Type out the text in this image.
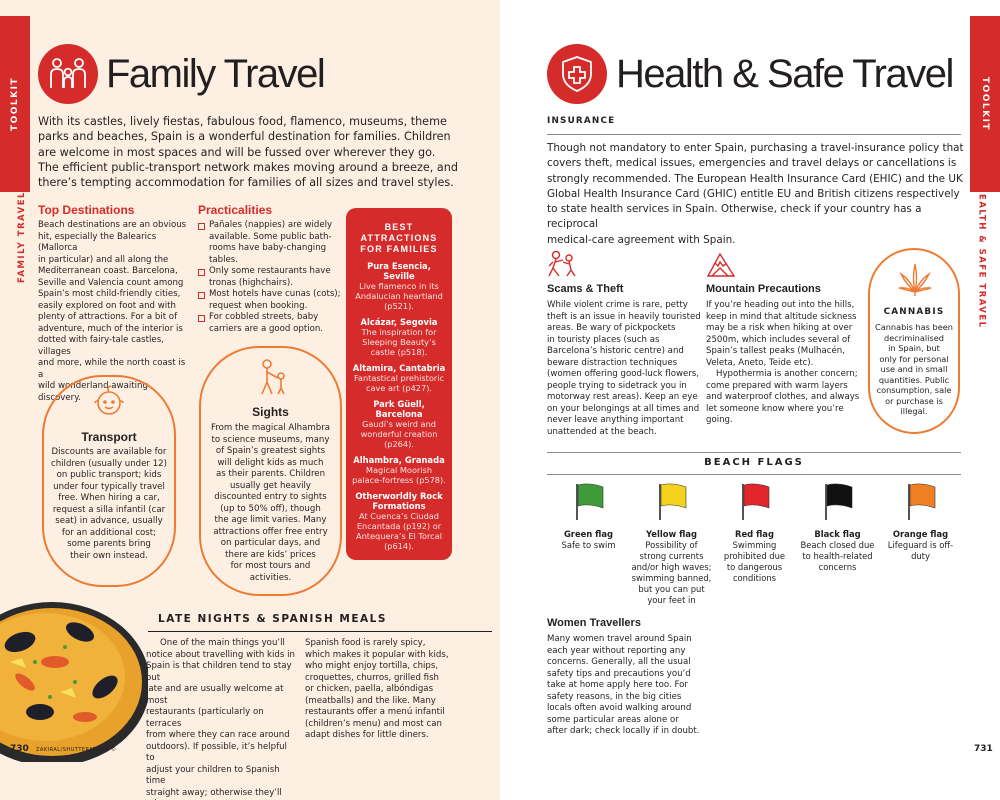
TOOLKIT
FAMILY TRAVEL
Family Travel
With its castles, lively fiestas, fabulous food, flamenco, museums, theme
parks and beaches, Spain is a wonderful destination for families. Children
are welcome in most spaces and will be fussed over wherever they go.
The efficient public-transport network makes moving around a breeze, and
there’s tempting accommodation for families of all sizes and travel styles.
Top Destinations
Beach destinations are an obvious
hit, especially the Balearics (Mallorca
in particular) and all along the
Mediterranean coast. Barcelona,
Seville and Valencia count among
Spain’s most child-friendly cities,
easily explored on foot and with
plenty of attractions. For a bit of
adventure, much of the interior is
dotted with fairy-tale castles, villages
and more, while the north coast is a
wild wonderland awaiting discovery.
Practicalities
Pañales (nappies) are widely
available. Some public bath-
rooms have baby-changing
tables.
Only some restaurants have
tronas (highchairs).
Most hotels have cunas (cots);
request when booking.
For cobbled streets, baby
carriers are a good option.
Transport
Discounts are available for
children (usually under 12)
on public transport; kids
under four typically travel
free. When hiring a car,
request a silla infantil (car
seat) in advance, usually
for an additional cost;
some parents bring
their own instead.
Sights
From the magical Alhambra
to science museums, many
of Spain’s greatest sights
will delight kids as much
as their parents. Children
usually get heavily
discounted entry to sights
(up to 50% off), though
the age limit varies. Many
attractions offer free entry
on particular days, and
there are kids’ prices
for most tours and
activities.
BEST
ATTRACTIONS
FOR FAMILIES
Pura Esencia, Seville
Live flamenco in its
Andalucian heartland
(p521).
Alcázar, Segovia
The inspiration for
Sleeping Beauty’s
castle (p518).
Altamira, Cantabria
Fantastical prehistoric
cave art (p427).
Park Güell,
Barcelona
Gaudí’s weird and
wonderful creation
(p264).
Alhambra, Granada
Magical Moorish
palace-fortress (p578).
Otherworldly Rock
Formations
At Cuenca’s Ciudad
Encantada (p192) or
Antequera’s El Torcal
(p614).
LATE NIGHTS & SPANISH MEALS
One of the main things you’ll
notice about travelling with kids in
Spain is that children tend to stay out
late and are usually welcome at most
restaurants (particularly on terraces
from where they can race around
outdoors). If possible, it’s helpful to
adjust your children to Spanish time
straight away; otherwise they’ll
Spanish food is rarely spicy,
which makes it popular with kids,
who might enjoy tortilla, chips,
croquettes, churros, grilled fish
or chicken, paella, albóndigas
(meatballs) and the like. Many
restaurants offer a menú infantil
(children’s menu) and most can
adapt dishes for little diners.
730 ZAKIRAL/SHUTTERSTOCK ©
TOOLKIT
HEALTH & SAFE TRAVEL
Health & Safe Travel
INSURANCE
Though not mandatory to enter Spain, purchasing a travel-insurance policy that
covers theft, medical issues, emergencies and travel delays or cancellations is
strongly recommended. The European Health Insurance Card (EHIC) and the UK
Global Health Insurance Card (GHIC) entitle EU and British citizens respectively
to state health services in Spain. Otherwise, check if your country has a reciprocal
medical-care agreement with Spain.
Scams & Theft
While violent crime is rare, petty
theft is an issue in heavily touristed
areas. Be wary of pickpockets
in touristy places (such as
Barcelona’s historic centre) and
beware distraction techniques
(women offering good-luck flowers,
people trying to sidetrack you in
motorway rest areas). Keep an eye
on your belongings at all times and
never leave anything important
unattended at the beach.
Mountain Precautions
If you’re heading out into the hills,
keep in mind that altitude sickness
may be a risk when hiking at over
2500m, which includes several of
Spain’s tallest peaks (Mulhacén,
Veleta, Aneto, Teide etc).
Hypothermia is another concern;
come prepared with warm layers
and waterproof clothes, and always
let someone know where you’re
going.
CANNABIS
Cannabis has been
decriminalised
in Spain, but
only for personal
use and in small
quantities. Public
consumption, sale
or purchase is
illegal.
BEACH FLAGS
Green flag
Safe to swim
Yellow flag
Possibility of
strong currents
and/or high waves;
swimming banned,
but you can put
your feet in
Red flag
Swimming
prohibited due
to dangerous
conditions
Black flag
Beach closed due
to health-related
concerns
Orange flag
Lifeguard is off-
duty
Women Travellers
Many women travel around Spain
each year without reporting any
concerns. Generally, all the usual
safety tips and precautions you’d
take at home apply here too. For
safety reasons, in the big cities
locals often avoid walking around
some particular areas alone or
after dark; check locally if in doubt.
731
